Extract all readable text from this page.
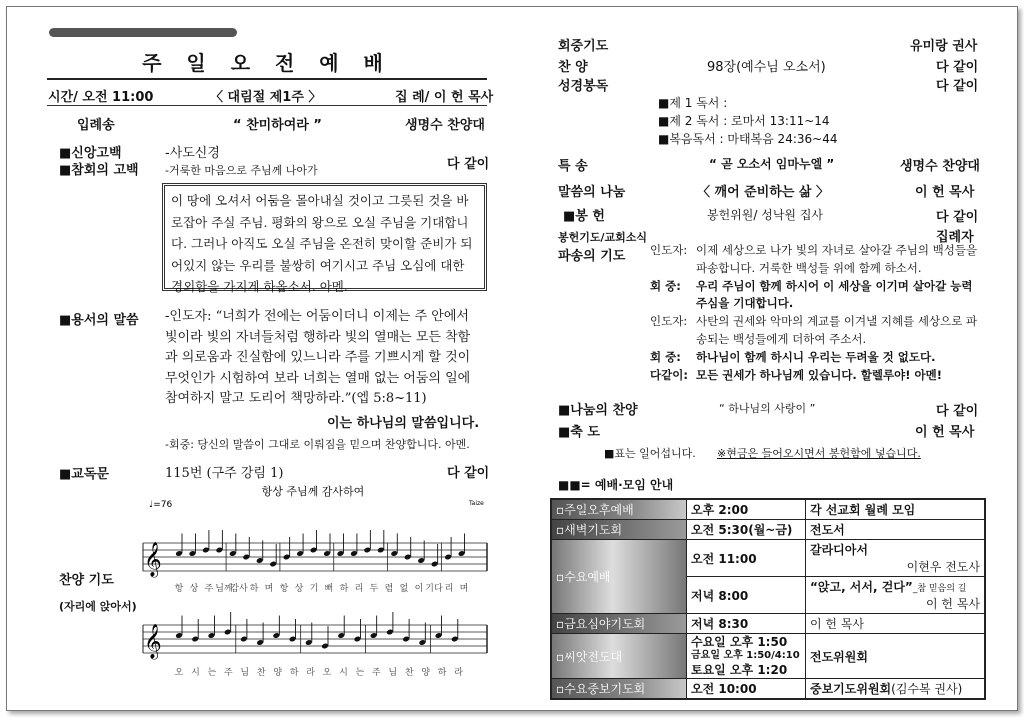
주 일 오 전 예 배
시간/ 오전 11:00	〈 대림절 제1주 〉	집 례/ 이 헌 목사
입례송	“ 찬미하여라 ”	생명수 찬양대
■신앙고백	-사도신경
■참회의 고백 -거룩한 마음으로 주님께 나아가	다 같이

이 땅에 오셔서 어둠을 몰아내실 것이고 그릇된 것을 바로잡아 주실 주님. 평화의 왕으로 오실 주님을 기대합니다. 그러나 아직도 오실 주님을 온전히 맞이할 준비가 되어있지 않는 우리를 불쌍히 여기시고 주님 오심에 대한 경외함을 가지게 하옵소서. 아멘.

■용서의 말씀 -인도자: “너희가 전에는 어둠이더니 이제는 주 안에서

빛이라 빛의 자녀들처럼 행하라 빛의 열매는 모든 착함

과 의로움과 진실함에 있느니라 주를 기쁘시게 할 것이

무엇인가 시험하여 보라 너희는 열매 없는 어둠의 일에

참여하지 말고 도리어 책망하라.”(엡 5:8~11)

이는 하나님의 말씀입니다.
-회중: 당신의 말씀이 그대로 이뤄짐을 믿으며 찬양합니다. 아멘.
■교독문	115번 (구주 강림 1)	다 같이
찬양 기도
(자리에 앉아서)
항상 주님께 감사하여
♩=76	Taize
𝄞
𝄞
항 상 주 님께
감사 하 며 항 상 기 뻐 하 리 두 렴 없 이 기다 리 며
오 시 는 주 님 찬 양 하 라 오 시 는 주 님 찬 양 하 라
회중기도	유미랑 권사
찬 양	98장(예수님 오소서)	다 같이
성경봉독	다 같이
■제 1 독서 :
■제 2 독서 : 로마서 13:11~14
■복음독서 : 마태복음 24:36~44
특 송	“ 곧 오소서 임마누엘 ”	생명수 찬양대
말씀의 나눔	〈 깨어 준비하는 삶 〉	이 헌 목사
■봉 헌	봉헌위원/ 성낙원 집사	다 같이
봉헌기도/교회소식	집례자
파송의 기도 인도자: 이제 세상으로 나가 빛의 자녀로 살아갈 주님의 백성들을 파송합니다. 거룩한 백성들 위에 함께 하소서.
회 중:	우리 주님이 함께 하시어 이 세상을 이기며 살아갈 능력 주심을 기대합니다.
인도자: 사탄의 권세와 악마의 계교를 이겨낼 지혜를 세상으로 파송되는 백성들에게 더하여 주소서.
회 중:	하나님이 함께 하시니 우리는 두려울 것 없도다.
다같이: 모든 권세가 하나님께 있습니다. 할렐루야! 아멘!
■나눔의 찬양	“ 하나님의 사랑이 ”	다 같이
■축 도	이 헌 목사
■표는 일어섭니다. ※현금은 들어오시면서 봉헌함에 넣습니다.
■■= 예배·모임 안내
▫주일오후예배	오후 2:00	각 선교회 월례 모임
▫새벽기도회	오전 5:30(월~금)	전도서
▫수요예배	오전 11:00	갈라디아서
이현우 전도사

	저녁 8:00	“앉고, 서서, 걷다”_참 믿음의 길
이 헌 목사

▫금요심야기도회	저녁 8:30	이 헌 목사
▫씨앗전도대	수요일 오후 1:50
금요일 오후 1:50/4:10
토요일 오후 1:20	전도위원회
▫수요중보기도회	오전 10:00	중보기도위원회(김수복 권사)
